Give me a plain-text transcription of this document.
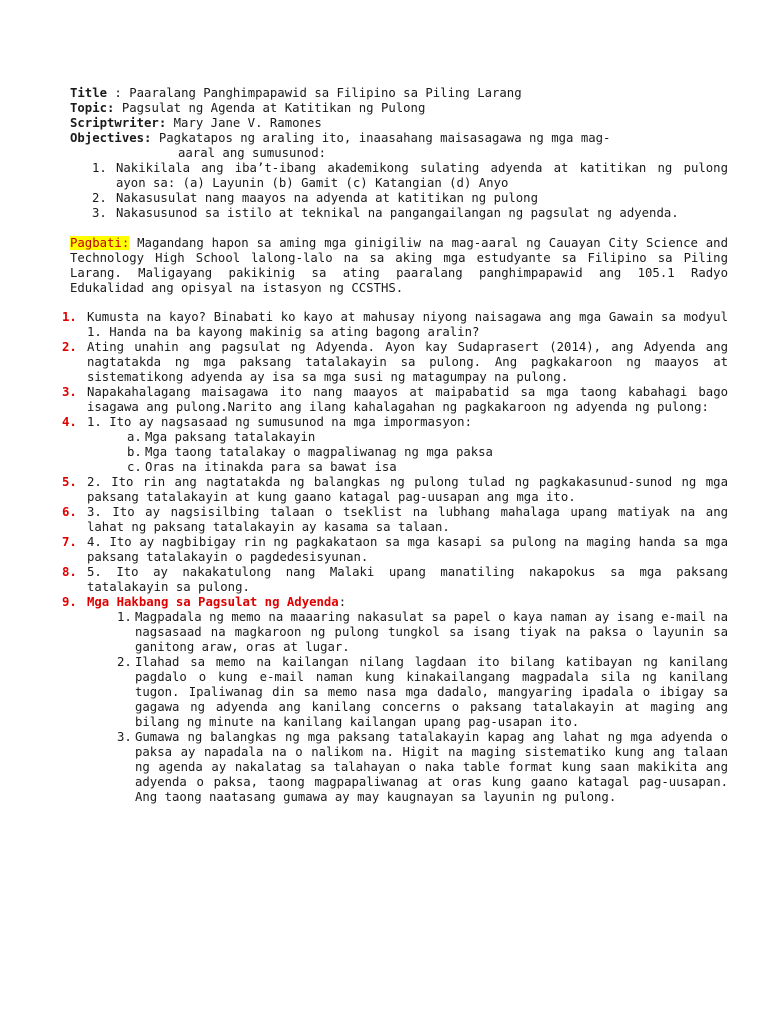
Title : Paaralang Panghimpapawid sa Filipino sa Piling Larang
Topic: Pagsulat ng Agenda at Katitikan ng Pulong
Scriptwriter: Mary Jane V. Ramones
Objectives: Pagkatapos ng araling ito, inaasahang maisasagawa ng mga mag-
aaral ang sumusunod:
1. Nakikilala ang iba’t-ibang akademikong sulating adyenda at katitikan ng pulong ayon sa: (a) Layunin (b) Gamit (c) Katangian (d) Anyo
2. Nakasusulat nang maayos na adyenda at katitikan ng pulong
3. Nakasusunod sa istilo at teknikal na pangangailangan ng pagsulat ng adyenda.
Pagbati: Magandang hapon sa aming mga ginigiliw na mag-aaral ng Cauayan City Science and Technology High School lalong-lalo na sa aking mga estudyante sa Filipino sa Piling Larang. Maligayang pakikinig sa ating paaralang panghimpapawid ang 105.1 Radyo Edukalidad ang opisyal na istasyon ng CCSTHS.
1. Kumusta na kayo? Binabati ko kayo at mahusay niyong naisagawa ang mga Gawain sa modyul 1. Handa na ba kayong makinig sa ating bagong aralin?
2. Ating unahin ang pagsulat ng Adyenda. Ayon kay Sudaprasert (2014), ang Adyenda ang nagtatakda ng mga paksang tatalakayin sa pulong. Ang pagkakaroon ng maayos at sistematikong adyenda ay isa sa mga susi ng matagumpay na pulong.
3. Napakahalagang maisagawa ito nang maayos at maipabatid sa mga taong kabahagi bago isagawa ang pulong.Narito ang ilang kahalagahan ng pagkakaroon ng adyenda ng pulong:
4. 1. Ito ay nagsasaad ng sumusunod na mga impormasyon:
a. Mga paksang tatalakayin
b. Mga taong tatalakay o magpaliwanag ng mga paksa
c. Oras na itinakda para sa bawat isa
5. 2. Ito rin ang nagtatakda ng balangkas ng pulong tulad ng pagkakasunud-sunod ng mga paksang tatalakayin at kung gaano katagal pag-uusapan ang mga ito.
6. 3. Ito ay nagsisilbing talaan o tseklist na lubhang mahalaga upang matiyak na ang lahat ng paksang tatalakayin ay kasama sa talaan.
7. 4. Ito ay nagbibigay rin ng pagkakataon sa mga kasapi sa pulong na maging handa sa mga paksang tatalakayin o pagdedesisyunan.
8. 5. Ito ay nakakatulong nang Malaki upang manatiling nakapokus sa mga paksang tatalakayin sa pulong.
9. Mga Hakbang sa Pagsulat ng Adyenda:
1. Magpadala ng memo na maaaring nakasulat sa papel o kaya naman ay isang e-mail na nagsasaad na magkaroon ng pulong tungkol sa isang tiyak na paksa o layunin sa ganitong araw, oras at lugar.
2. Ilahad sa memo na kailangan nilang lagdaan ito bilang katibayan ng kanilang pagdalo o kung e-mail naman kung kinakailangang magpadala sila ng kanilang tugon. Ipaliwanag din sa memo nasa mga dadalo, mangyaring ipadala o ibigay sa gagawa ng adyenda ang kanilang concerns o paksang tatalakayin at maging ang bilang ng minute na kanilang kailangan upang pag-usapan ito.
3. Gumawa ng balangkas ng mga paksang tatalakayin kapag ang lahat ng mga adyenda o paksa ay napadala na o nalikom na. Higit na maging sistematiko kung ang talaan ng agenda ay nakalatag sa talahayan o naka table format kung saan makikita ang adyenda o paksa, taong magpapaliwanag at oras kung gaano katagal pag-uusapan. Ang taong naatasang gumawa ay may kaugnayan sa layunin ng pulong.
